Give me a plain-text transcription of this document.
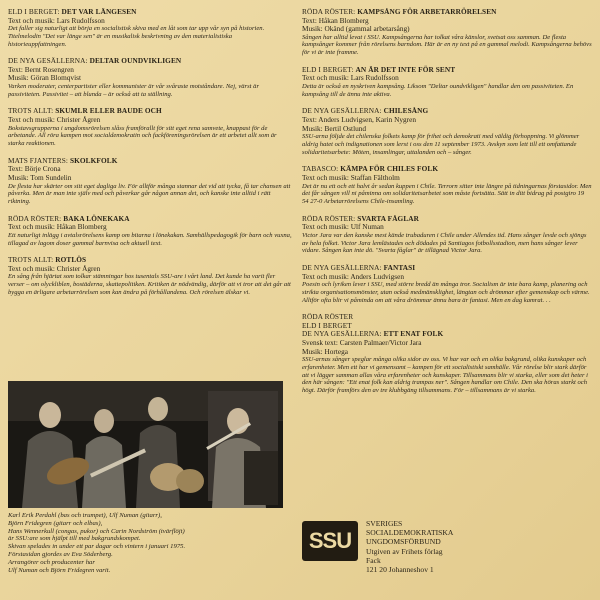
ELD I BERGET: DET VAR LÄNGESEN
Text och musik: Lars Rudolfsson
Det faller sig naturligt att börja en socialistisk skiva med en låt som tar upp vår syn på historien. Titelmelodin "Det var länge sen" är en musikalisk beskrivning av den materialistiska historieuppfattningen.
DE NYA GESÄLLERNA: DELTAR OUNDVIKLIGEN
Text: Bernt Rosengren
Musik: Göran Blomqvist
Varken moderater, centerpartister eller kommunister är vår svåraste motståndare. Nej, värst är passiviteten. Passivitet – att blunda – är också att ta ställning.
TROTS ALLT: SKUMLR ELLER BAUDE OCH
Text och musik: Christer Ågren
Bokstavsgrupperna i ungdomsrörelsen slåss framförallt för sitt eget rena samvete, knappast för de arbetande. All röra kampen mot socialdemokratin och fackföreningsrörelsen är ett arbetet allt som är starka reaktionen.
MATS FJANTERS: SKOLKFOLK
Text: Börje Crona
Musik: Tom Sundelin
De flesta har skärter om sitt eget dagliga liv. För alltför många stannar det vid att tycka, få tar chansen att påverka. Men är man inte själv med och påverkar går någon annan det, och kanske inte alltid i rätt riktning.
RÖDA RÖSTER: BAKA LÖNEKAKA
Text och musik: Håkan Blomberg
Ett naturligt inlägg i avtalsrörelsens kamp om bitarna i lönekakan. Samhällspedagogik för barn och vuxna, tillagad av lagom doser gammal barnvisa och aktuell text.
TROTS ALLT: ROTLÖS
Text och musik: Christer Ågren
En sång från hjärtat som tolkar stämningar hos tusentals SSU-are i vårt land. Det kunde ha varit fler verser – om olyckliblen, bostäderna, skattepolitiken. Kritiken är nödvändig, därför att vi tror att det går att bygga en ärligare arbetarrörelsen som kan ändra på förhållandena. Och rörelsen älskar vi.
Karl Erik Perdahl (bas och trumpet), Ulf Numan (gitarr),
Björn Fridegren (gitarr och elbas),
Hans Wennerkull (congas, pukor) och Carin Nordström (tvärflöjt)
är SSU:are som hjälpt till med bakgrundskompet.
Skivan spelades in under ett par dagar och vintern i januari 1975.
Förstasidan gjordes av Eva Söderberg.
Arrangörer och producenter har
Ulf Numan och Björn Fridegren varit.
RÖDA RÖSTER: KAMPSÅNG FÖR ARBETARRÖRELSEN
Text: Håkan Blomberg
Musik: Okänd (gammal arbetarsång)
Sången har alltid levat i SSU. Kampsångerna har tolkat våra känslor, svetsat oss samman. De flesta kampsånger kommer från rörelsens barndom. Här är en ny text på en gammal melodi. Kampsångerna behövs för vi är inte framme.
ELD I BERGET: AN ÄR DET INTE FÖR SENT
Text och musik: Lars Rudolfsson
Detta är också en nyskriven kampsång. Liksom "Deltar oundvikligen" handlar den om passiviteten. En kampsång till de ännu inte aktiva.
DE NYA GESÄLLERNA: CHILESÅNG
Text: Anders Ludvigsen, Karin Nygren
Musik: Bertil Ostlund
SSU-arna följde det chilenska folkets kamp för frihet och demokrati med väldig förhoppning. Vi glömmer aldrig hatet och indignationen som lerst i oss den 11 september 1973. Avskyn som lett till ett omfattande solidaritetsarbete: Möten, insamlingar, uttalanden och – sånger.
TABASCO: KÄMPA FÖR CHILES FOLK
Text och musik: Staffan Fältholm
Det är nu ett och ett halvt år sedan kuppen i Chile. Terrorn sitter inte längre på tidningarnas förstasidor. Men det får sången vill ni påminna om solidaritetsarbetet som måste fortsätta. Sätt in ditt bidrag på postgiro 19 54 27-0 Arbetarrörelsens Chile-insamling.
RÖDA RÖSTER: SVARTA FÅGLAR
Text och musik: Ulf Numan
Victor Jara var den kanske mest kände trubaduren i Chile under Allendes tid. Hans sånger levde och sjöngs av hela folket. Victor Jara lemlästades och dödades på Santiagos fotbollsstadion, men hans sånger lever vidare. Sången kan inte dö. "Svarta fåglar" är tillägnad Victor Jara.
DE NYA GESÄLLERNA: FANTASI
Text och musik: Anders Ludvigsen
Poesin och lyriken lever i SSU, med större bredd än många tror. Socialism är inte bara kamp, planering och strikta organisationsmönster, utan också medmänsklighet, längtan och drömmar efter gemenskap och värme. Alltför ofta blir vi påminda om att våra drömmar ännu bara är fantasi. Men en dag kamrat. . .
RÖDA RÖSTER
ELD I BERGET
DE NYA GESÄLLERNA: ETT ENAT FOLK
Svensk text: Carsten Palmaer/Victor Jara
Musik: Hortega
SSU-arnas sånger speglar många olika sidor av oss. Vi har var och en olika bakgrund, olika kunskaper och erfarenheter. Men ett har vi gemensamt – kampen för ett socialistiskt samhälle. Vår rörelse blir stark därför att vi lägger samman allas våra erfarenheter och kunskaper. Tillsammans blir vi starka, eller som det heter i den här sången: "Ett enat folk kan aldrig trampas ner". Sången handlar om Chile. Den ska höras starkt och högt. Därför framförs den av tre klubbgäng tillsammans. För – tillsammans är vi starka.
SSU
SVERIGES
SOCIALDEMOKRATISKA
UNGDOMSFÖRBUND
Utgiven av Frihets förlag
Fack
121 20 Johanneshov 1
